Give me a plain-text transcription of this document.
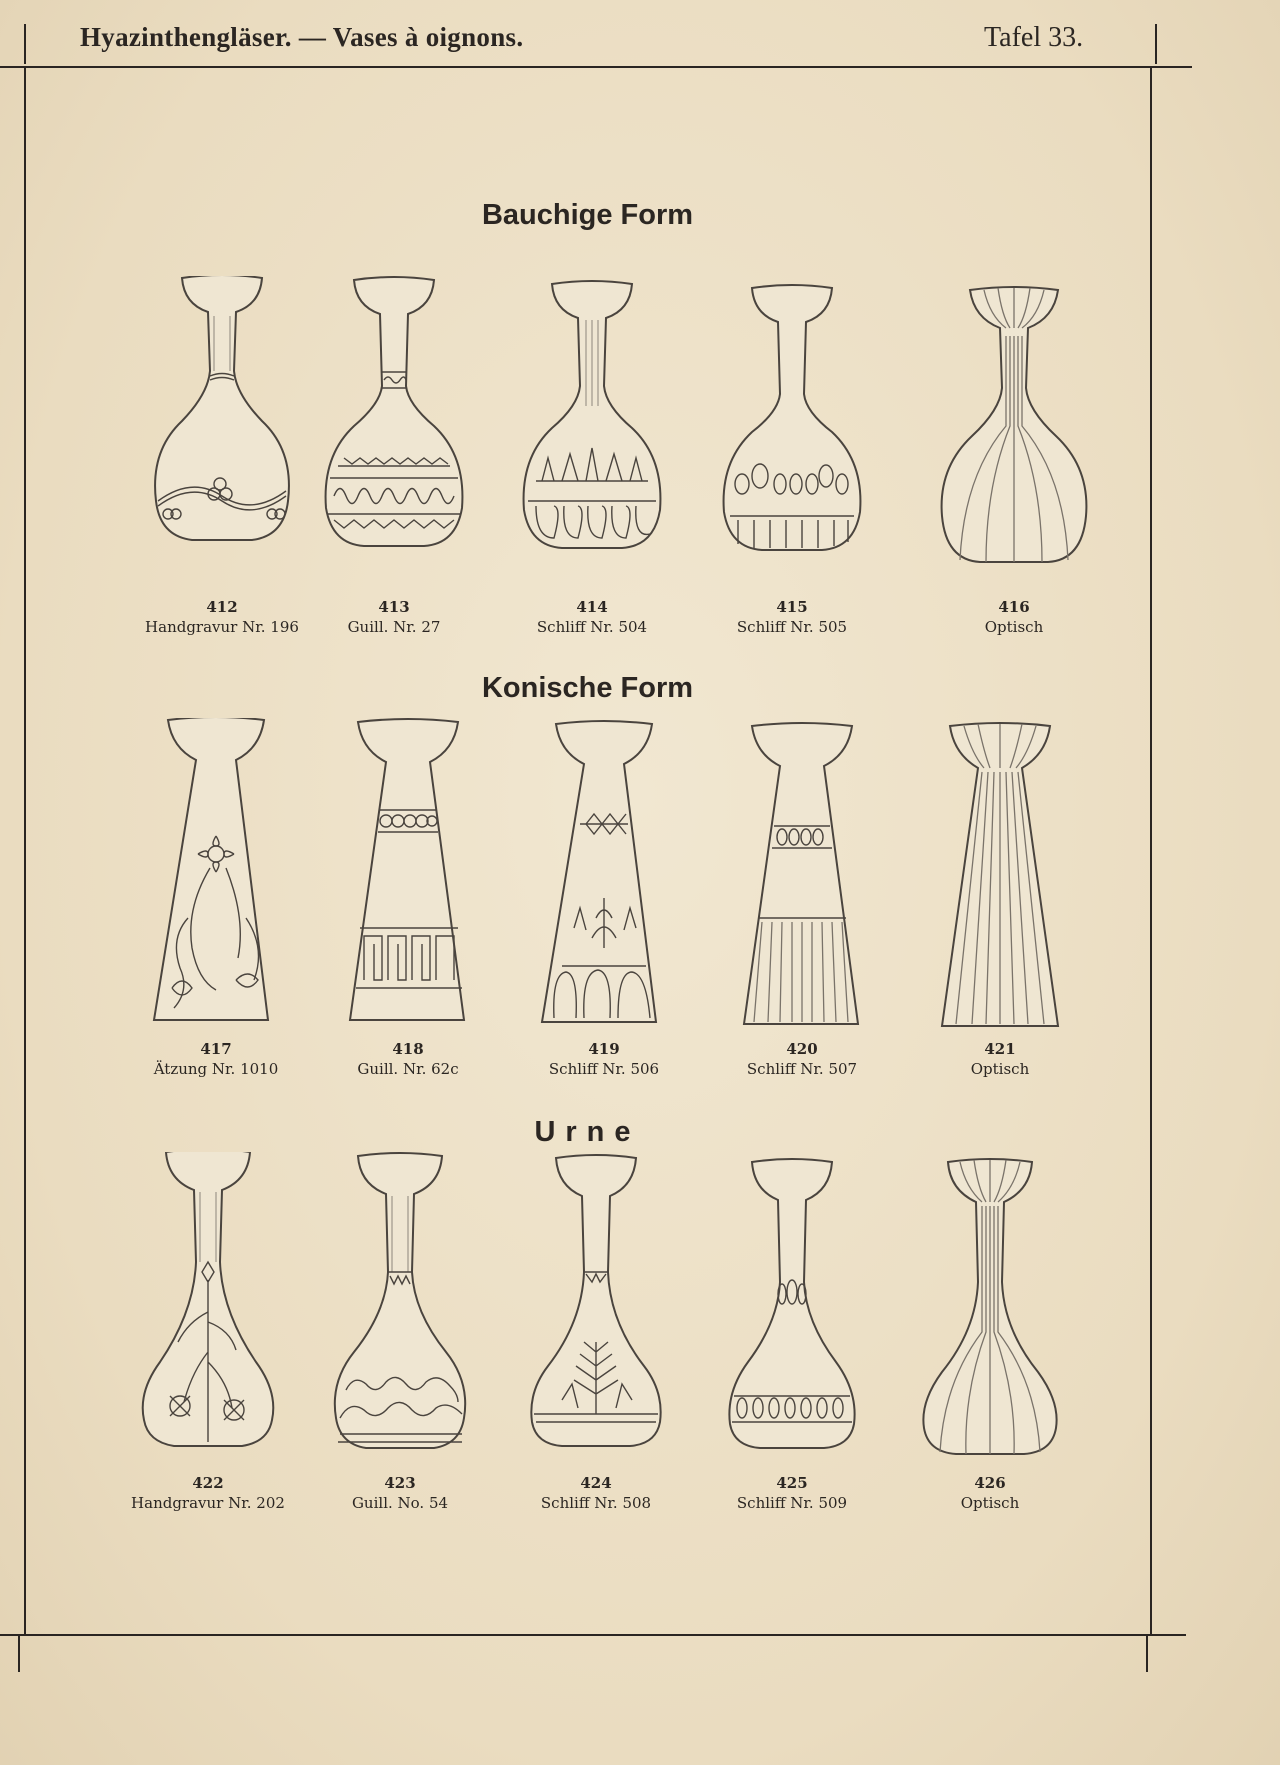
Hyazinthengläser. — Vases à oignons.	Tafel 33.
Bauchige Form
412
Handgravur Nr. 196
413
Guill. Nr. 27
414
Schliff Nr. 504
415
Schliff Nr. 505
416
Optisch
Konische Form
417
Ätzung Nr. 1010
418
Guill. Nr. 62c
419
Schliff Nr. 506
420
Schliff Nr. 507
421
Optisch
Urne
422
Handgravur Nr. 202
423
Guill. No. 54
424
Schliff Nr. 508
425
Schliff Nr. 509
426
Optisch
